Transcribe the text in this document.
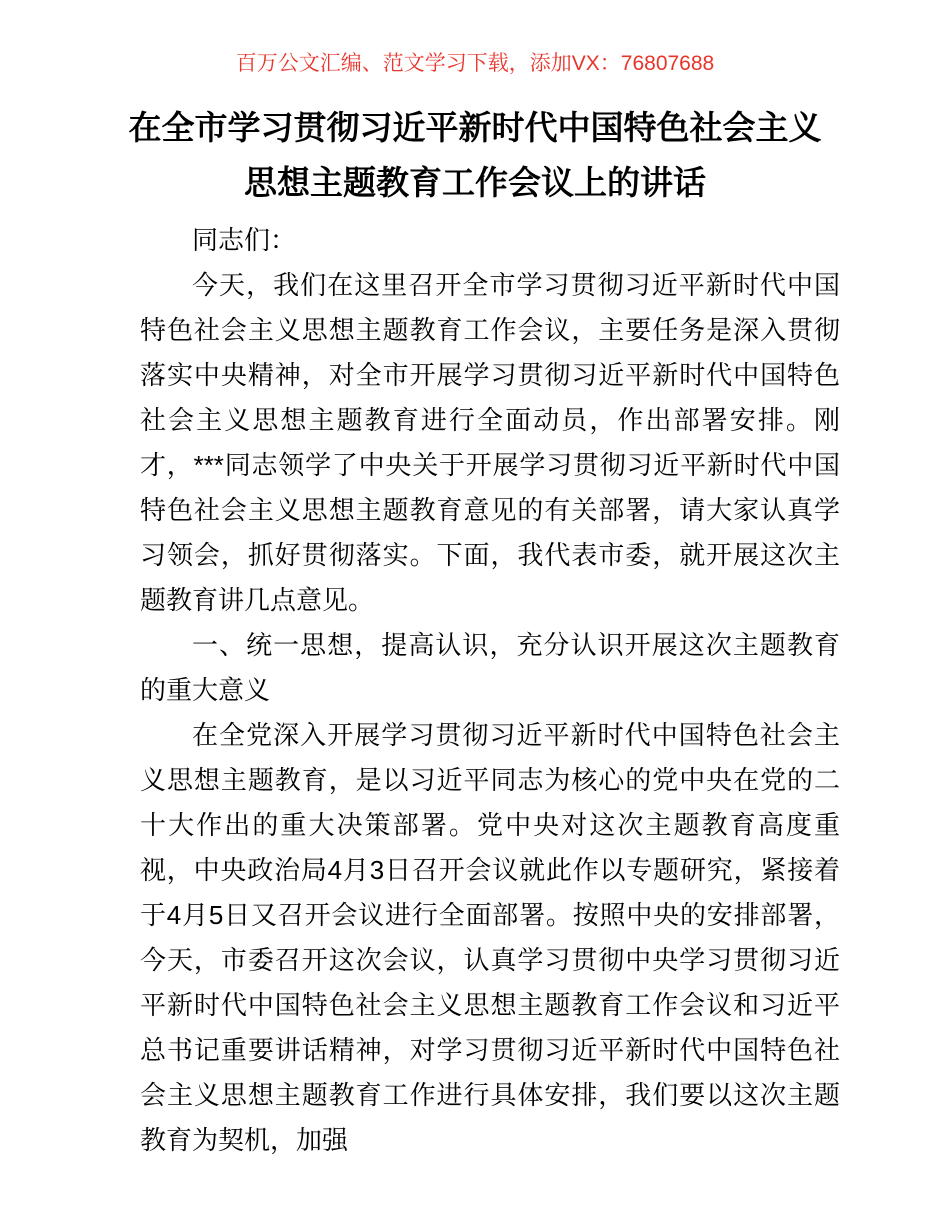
百万公文汇编、范文学习下载，添加VX：76807688
在全市学习贯彻习近平新时代中国特色社会主义思想主题教育工作会议上的讲话

同志们：

今天，我们在这里召开全市学习贯彻习近平新时代中国特色社会主义思想主题教育工作会议，主要任务是深入贯彻落实中央精神，对全市开展学习贯彻习近平新时代中国特色社会主义思想主题教育进行全面动员，作出部署安排。刚才，***同志领学了中央关于开展学习贯彻习近平新时代中国特色社会主义思想主题教育意见的有关部署，请大家认真学习领会，抓好贯彻落实。下面，我代表市委，就开展这次主题教育讲几点意见。

一、统一思想，提高认识，充分认识开展这次主题教育的重大意义

在全党深入开展学习贯彻习近平新时代中国特色社会主义思想主题教育，是以习近平同志为核心的党中央在党的二十大作出的重大决策部署。党中央对这次主题教育高度重视，中央政治局4月3日召开会议就此作以专题研究，紧接着于4月5日又召开会议进行全面部署。按照中央的安排部署，今天，市委召开这次会议，认真学习贯彻中央学习贯彻习近平新时代中国特色社会主义思想主题教育工作会议和习近平总书记重要讲话精神，对学习贯彻习近平新时代中国特色社会主义思想主题教育工作进行具体安排，我们要以这次主题教育为契机，加强
